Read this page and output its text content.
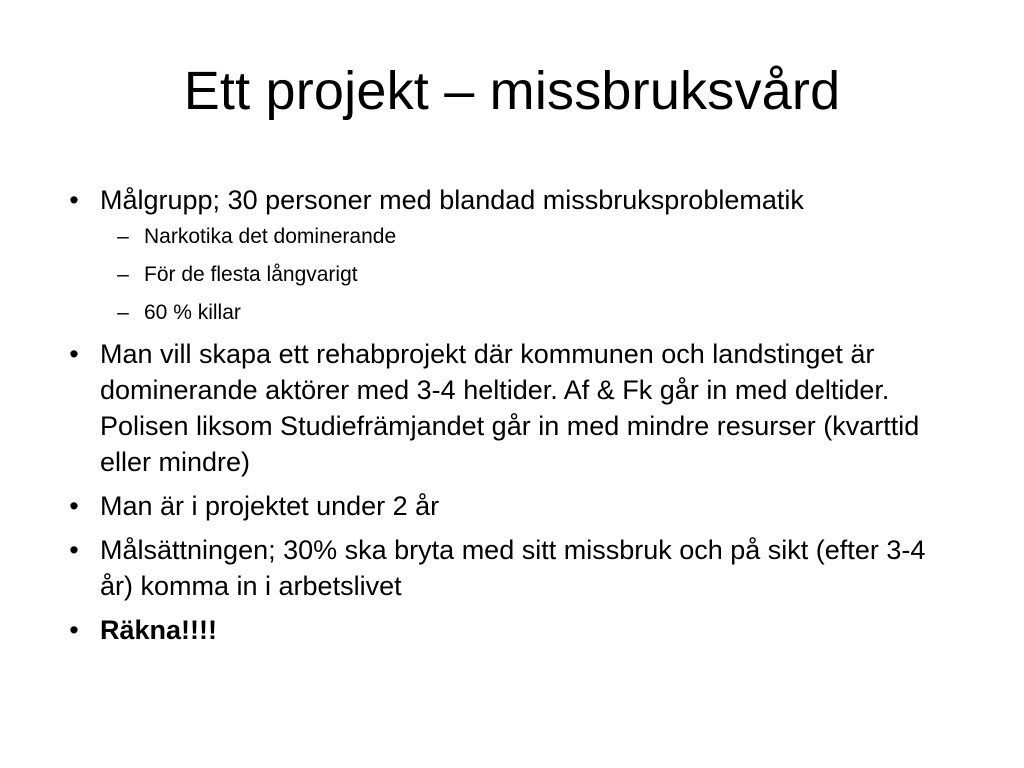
Ett projekt – missbruksvård
• Målgrupp; 30 personer med blandad missbruksproblematik
– Narkotika det dominerande
– För de flesta långvarigt
– 60 % killar
• Man vill skapa ett rehabprojekt där kommunen och landstinget är dominerande aktörer med 3-4 heltider. Af & Fk går in med deltider. Polisen liksom Studiefrämjandet går in med mindre resurser (kvarttid eller mindre)
• Man är i projektet under 2 år
• Målsättningen; 30% ska bryta med sitt missbruk och på sikt (efter 3-4 år) komma in i arbetslivet
• Räkna!!!!
